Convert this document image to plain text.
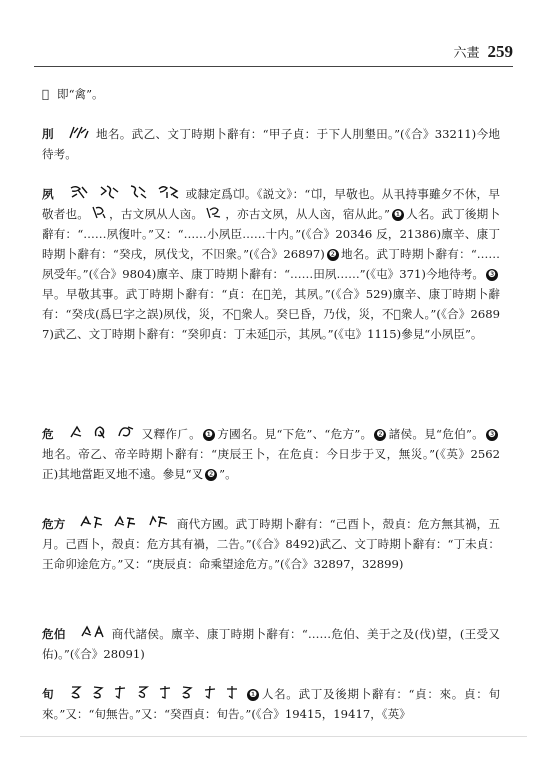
六畫 259
𢏊 即“禽”。
刖	地名。武乙、文丁時期卜辭有：“甲子貞：于下人刖墾田。”(《合》33211)今地待考。
夙

	或隸定爲𠨑。《説文》：“𠨑，早敬也。从丮持事雖夕不休，早敬者也。 ，古文夙从人㐫。 ，亦古文夙，从人㐫，宿从此。” ❶ 人名。武丁後期卜辭有：“……夙復叶。”又：“……小夙臣……十内。”(《合》20346 反，21386)廪辛、康丁時期卜辭有：“癸戌，夙伐戈，不𡆥衆。”(《合》26897) ❷ 地名。武丁時期卜辭有：“……夙受年。”(《合》9804)廪辛、康丁時期卜辭有：“……田夙……”(《屯》371)今地待考。 ❸早。早敬其事。武丁時期卜辭有：“貞：在𡵂羌，其夙。”(《合》529)廪辛、康丁時期卜辭有：“癸戌(爲巳字之誤)夙伐，災，不𡆥衆人。癸巳昏，乃伐，災，不𡆥衆人。”(《合》26897)武乙、文丁時期卜辭有：“癸卯貞：丁未延𠭯示，其夙。”(《屯》1115)參見“小夙臣”。
危

	又釋作𠂆。 ❶ 方國名。見“下危”、“危方”。 ❷ 諸侯。見“危伯”。 ❸地名。帝乙、帝辛時期卜辭有：“庚辰王卜，在危貞：今日步于叉，無災。”(《英》2562 正)其地當距叉地不遠。參見“叉 ❷ ”。
危方

	商代方國。武丁時期卜辭有：“己酉卜，殻貞：危方無其禍，五月。己酉卜，殻貞：危方其有禍，二告。”(《合》8492)武乙、文丁時期卜辭有：“丁未貞：王命卯途危方。”又：“庚辰貞：命乘望途危方。”(《合》32897，32899)
危伯	商代諸侯。廪辛、康丁時期卜辭有：“……危伯、美于之及(伐)望，(王受又佑)。”(《合》28091)
旬

	❶ 人名。武丁及後期卜辭有：“貞：來。貞：旬來。”又：“旬無告。”又：“癸酉貞：旬告。”(《合》19415，19417，《英》
